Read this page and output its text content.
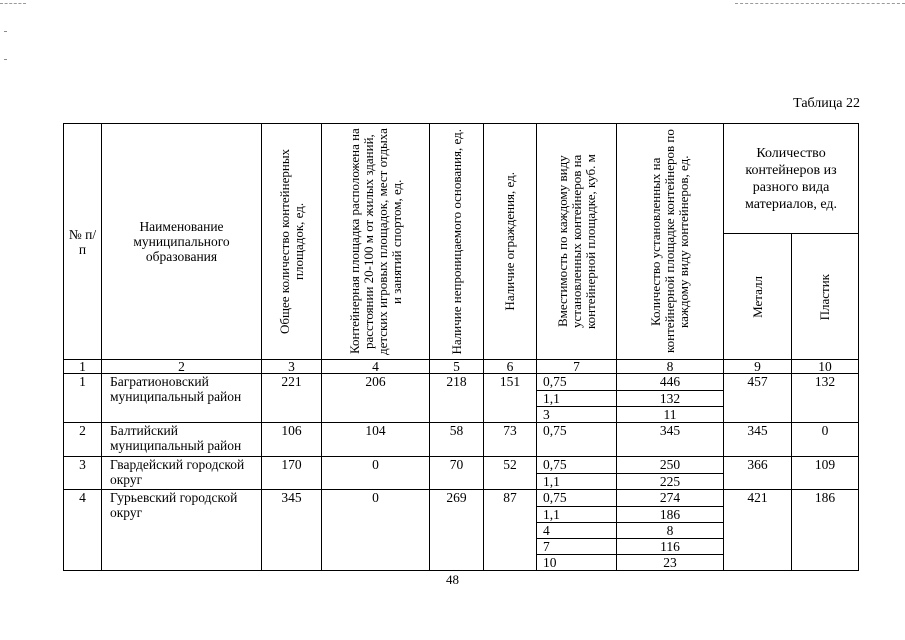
Таблица 22
№ п/п	Наименование муниципального образования	Общее количество контейнерных площадок, ед.	Контейнерная площадка расположена на расстоянии 20-100 м от жилых зданий, детских игровых площадок, мест отдыха и занятий спортом, ед.	Наличие непроницаемого основания, ед.	Наличие ограждения, ед.	Вместимость по каждому виду установленных контейнеров на контейнерной площадке, куб. м	Количество установленных на контейнерной площадке контейнеров по каждому виду контейнеров, ед.	Количество контейнеров из разного вида материалов, ед.	

								Металл	Пластик

1	2	3	4	5	6	7	8	9	10
1	Багратионовский муниципальный район	221	206	218	151	0,75	446	457	132
						1,1	132		
						3	11		
2	Балтийский муниципальный район	106	104	58	73	0,75	345	345	0
3	Гвардейский городской округ	170	0	70	52	0,75	250	366	109
						1,1	225		
4	Гурьевский городской округ	345	0	269	87	0,75	274	421	186
						1,1	186		
						4	8		
						7	116		
						10	23		
48
